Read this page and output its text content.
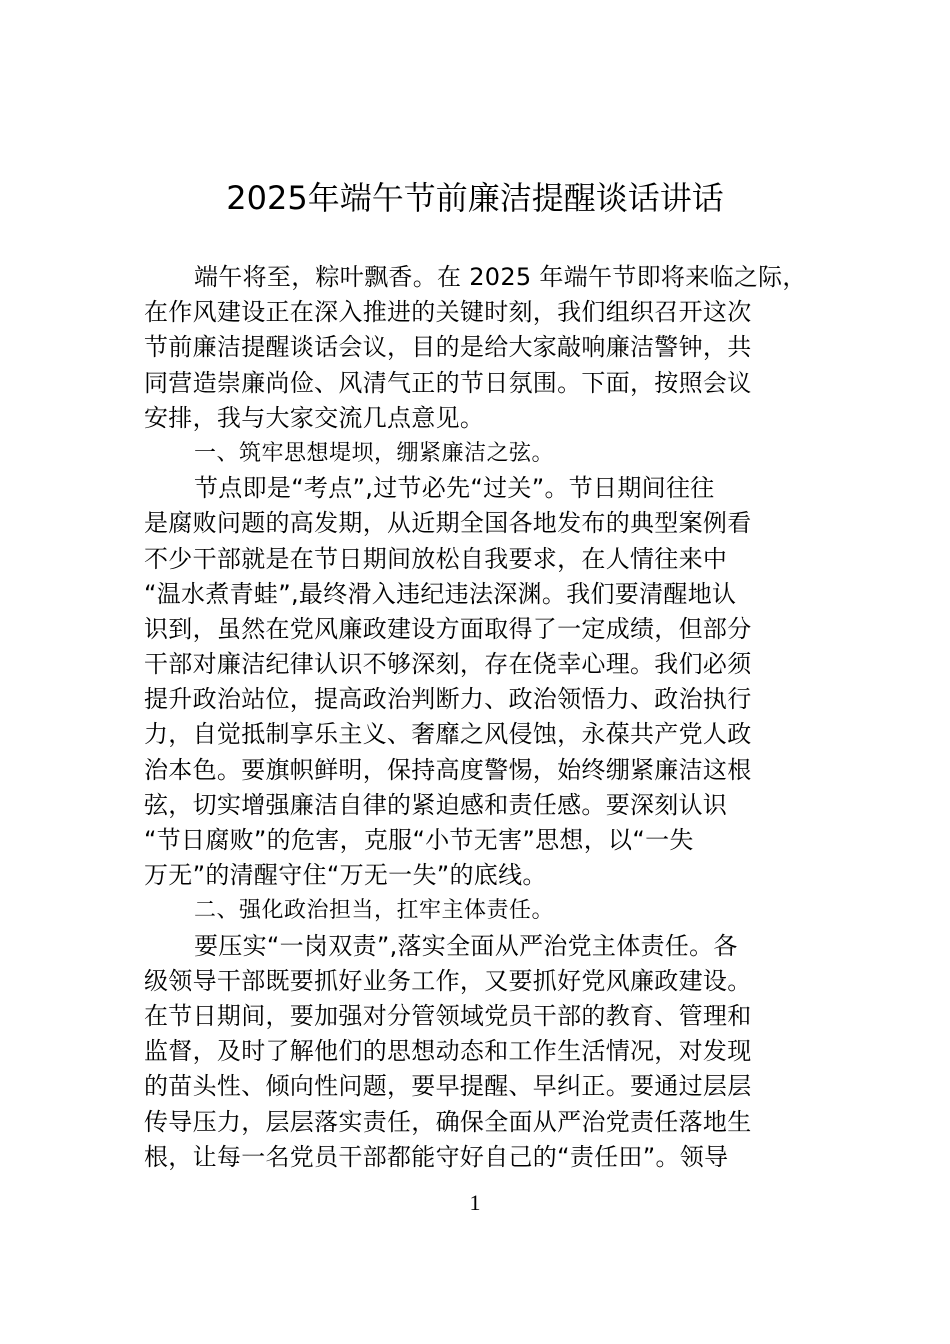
2025年端午节前廉洁提醒谈话讲话
端午将至，粽叶飘香。在 2025 年端午节即将来临之际，
在作风建设正在深入推进的关键时刻，我们组织召开这次
节前廉洁提醒谈话会议，目的是给大家敲响廉洁警钟，共
同营造崇廉尚俭、风清气正的节日氛围。下面，按照会议
安排，我与大家交流几点意见。
一、筑牢思想堤坝，绷紧廉洁之弦。
节点即是“考点”,过节必先“过关”。节日期间往往
是腐败问题的高发期，从近期全国各地发布的典型案例看
不少干部就是在节日期间放松自我要求，在人情往来中
“温水煮青蛙”,最终滑入违纪违法深渊。我们要清醒地认
识到，虽然在党风廉政建设方面取得了一定成绩，但部分
干部对廉洁纪律认识不够深刻，存在侥幸心理。我们必须
提升政治站位，提高政治判断力、政治领悟力、政治执行
力，自觉抵制享乐主义、奢靡之风侵蚀，永葆共产党人政
治本色。要旗帜鲜明，保持高度警惕，始终绷紧廉洁这根
弦，切实增强廉洁自律的紧迫感和责任感。要深刻认识
“节日腐败”的危害，克服“小节无害”思想，以“一失
万无”的清醒守住“万无一失”的底线。
二、强化政治担当，扛牢主体责任。
要压实“一岗双责”,落实全面从严治党主体责任。各
级领导干部既要抓好业务工作，又要抓好党风廉政建设。
在节日期间，要加强对分管领域党员干部的教育、管理和
监督，及时了解他们的思想动态和工作生活情况，对发现
的苗头性、倾向性问题，要早提醒、早纠正。要通过层层
传导压力，层层落实责任，确保全面从严治党责任落地生
根，让每一名党员干部都能守好自己的“责任田”。领导
1
